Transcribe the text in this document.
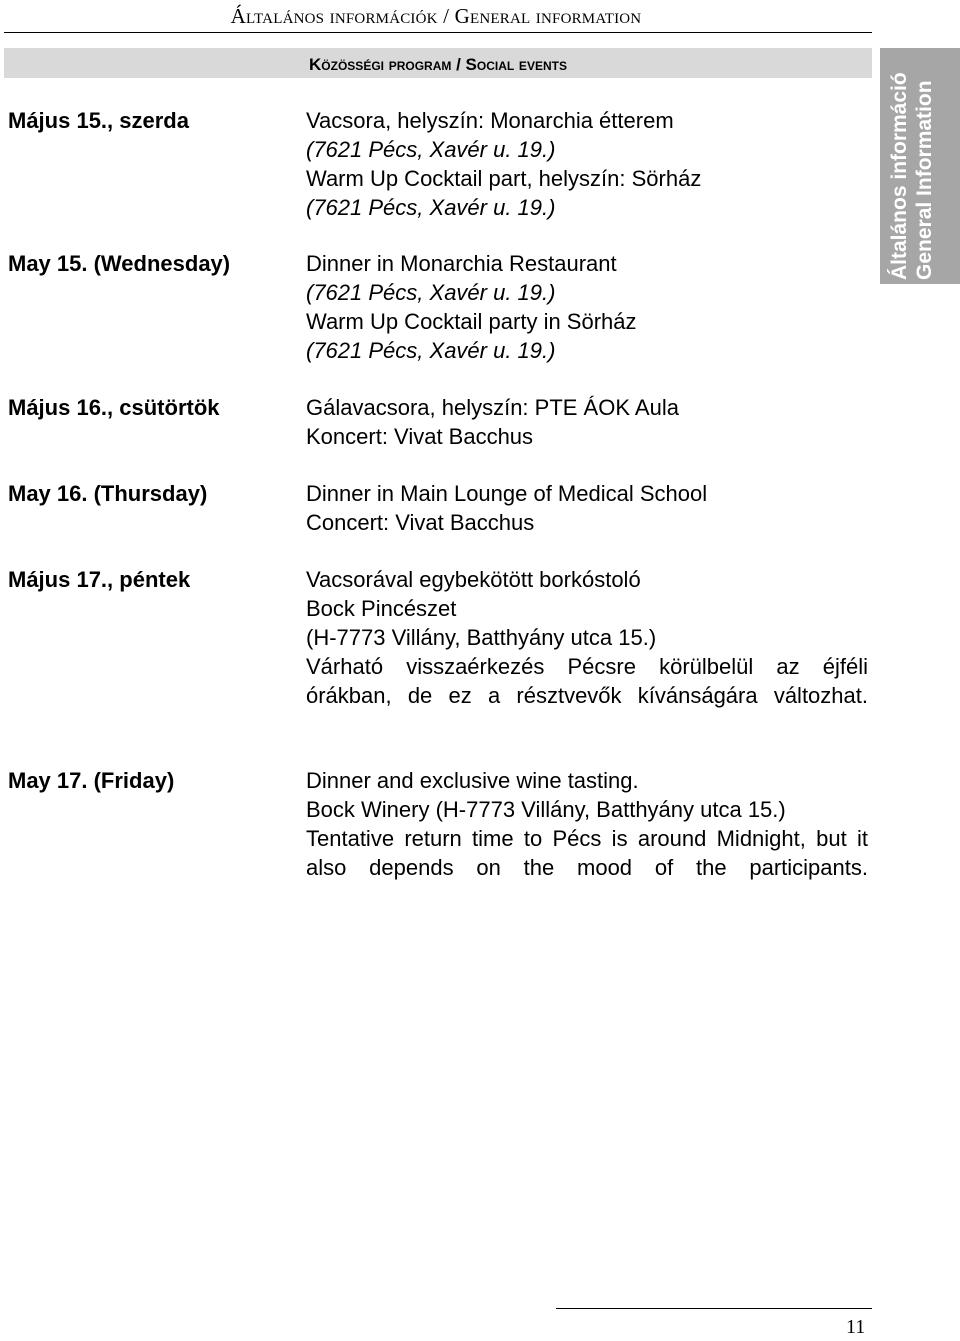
Általános információk / General information
Közösségi program / Social events
Általános információ General Information
Május 15., szerda	Vacsora, helyszín: Monarchia étterem
(7621 Pécs, Xavér u. 19.)
Warm Up Cocktail part, helyszín: Sörház
(7621 Pécs, Xavér u. 19.)
May 15. (Wednesday)	Dinner in Monarchia Restaurant
(7621 Pécs, Xavér u. 19.)
Warm Up Cocktail party in Sörház
(7621 Pécs, Xavér u. 19.)
Május 16., csütörtök	Gálavacsora, helyszín: PTE ÁOK Aula
Koncert: Vivat Bacchus
May 16. (Thursday)	Dinner in Main Lounge of Medical School
Concert: Vivat Bacchus
Május 17., péntek	Vacsorával egybekötött borkóstoló
Bock Pincészet
(H-7773 Villány, Batthyány utca 15.)
Várható visszaérkezés Pécsre körülbelül az éjféli órákban, de ez a résztvevők kívánságára változhat.
May 17. (Friday)	Dinner and exclusive wine tasting.
Bock Winery (H-7773 Villány, Batthyány utca 15.)
Tentative return time to Pécs is around Midnight, but it also depends on the mood of the participants.
11
